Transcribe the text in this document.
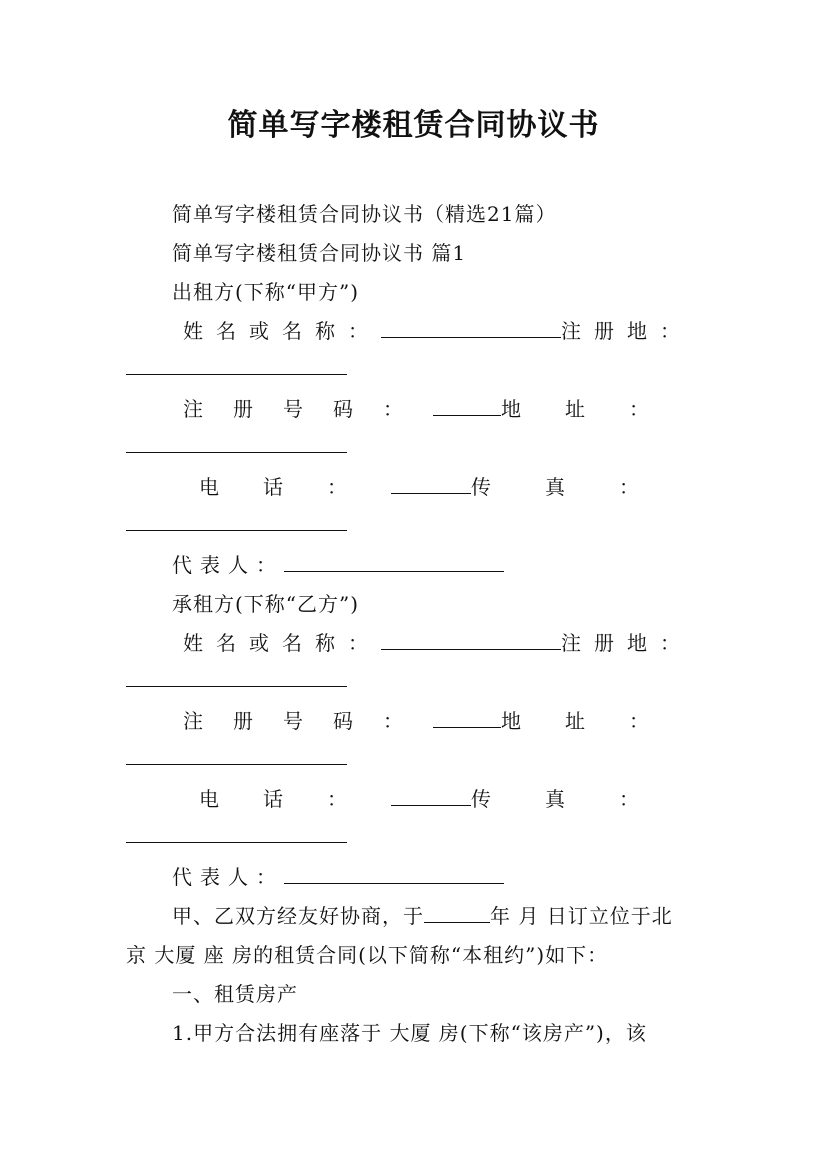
简单写字楼租赁合同协议书
简单写字楼租赁合同协议书（精选21篇）
简单写字楼租赁合同协议书 篇1
出租方(下称“甲方”)
姓名或名称：	注册地：
注册号码：	地址：
电话：	传真：
代表人：
承租方(下称“乙方”)
姓名或名称：	注册地：
注册号码：	地址：
电话：	传真：
代表人：
甲、乙双方经友好协商，于	年 月 日订立位于北
京 大厦 座 房的租赁合同(以下简称“本租约”)如下：
一、租赁房产
1.甲方合法拥有座落于 大厦 房(下称“该房产”)，该
